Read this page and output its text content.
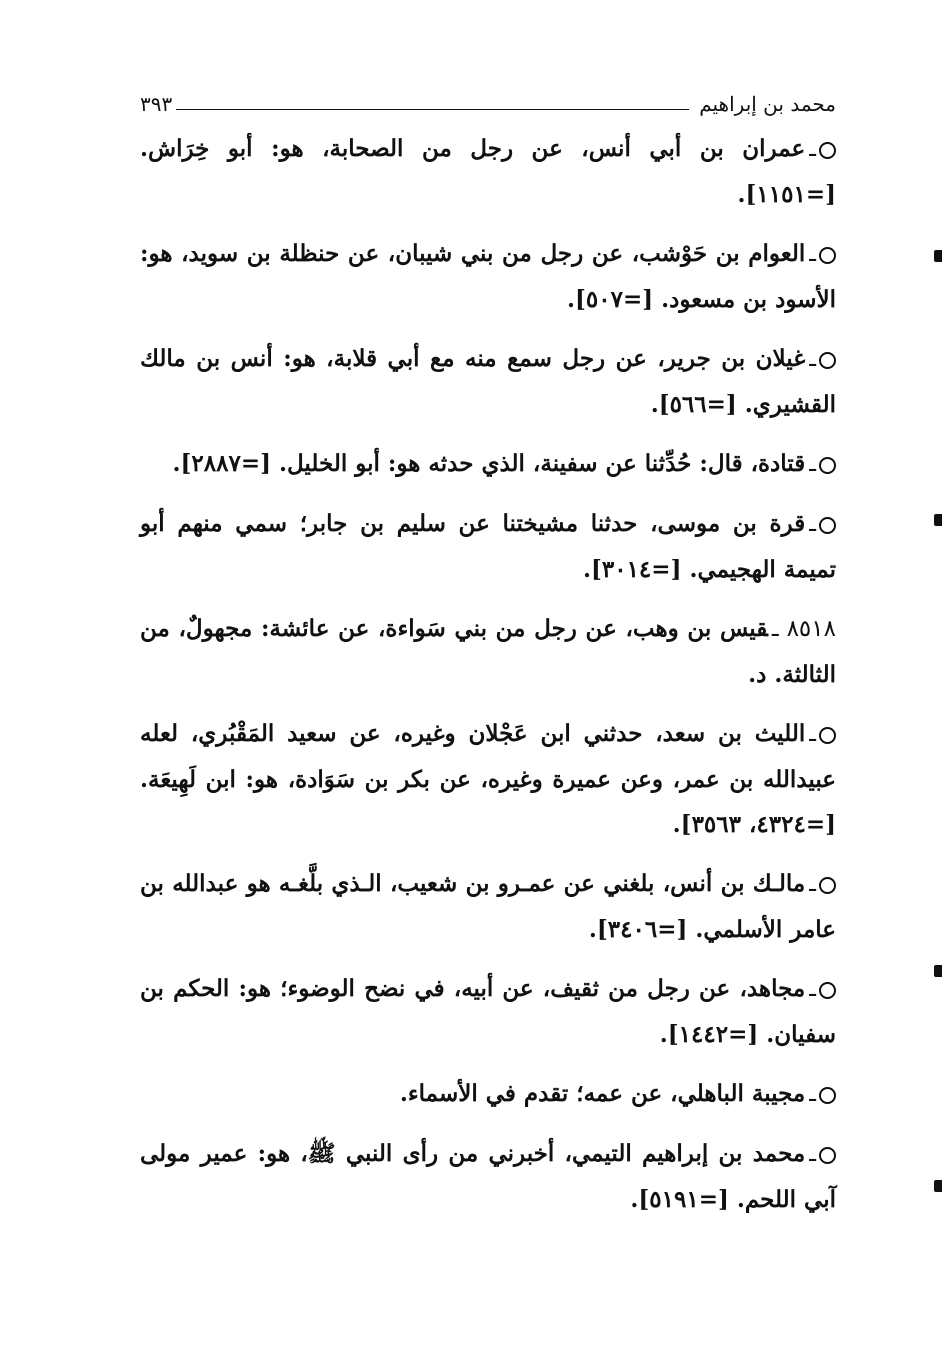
محمد بن إبراهيم
٣٩٣

ـعمران بن أبي أنس، عن رجل من الصحابة، هو: أبو خِرَاش. [=١١٥١].

ـالعوام بن حَوْشب، عن رجل من بني شيبان، عن حنظلة بن سويد، هو: الأسود بن مسعود. [=٥٠٧].

ـغيلان بن جرير، عن رجل سمع منه مع أبي قلابة، هو: أنس بن مالك القشيري. [=٥٦٦].

ـقتادة، قال: حُدِّثنا عن سفينة، الذي حدثه هو: أبو الخليل. [=٢٨٨٧].

ـقرة بن موسى، حدثنا مشيختنا عن سليم بن جابر؛ سمي منهم أبو تميمة الهجيمي. [=٣٠١٤].

٨٥١٨ ـقيس بن وهب، عن رجل من بني سَواءة، عن عائشة: مجهولٌ، من الثالثة. د.

ـالليث بن سعد، حدثني ابن عَجْلان وغيره، عن سعيد المَقْبُري، لعله عبيدالله بن عمر، وعن عميرة وغيره، عن بكر بن سَوَادة، هو: ابن لَهِيعَة. [=٤٣٢٤، ٣٥٦٣].

ـمالـك بن أنس، بلغني عن عمـرو بن شعيب، الـذي بلَّغـه هو عبدالله بن عامر الأسلمي. [=٣٤٠٦].

ـمجاهد، عن رجل من ثقيف، عن أبيه، في نضح الوضوء؛ هو: الحكم بن سفيان. [=١٤٤٢].

ـمجيبة الباهلي، عن عمه؛ تقدم في الأسماء.

ـمحمد بن إبراهيم التيمي، أخبرني من رأى النبي ﷺ، هو: عمير مولى آبي اللحم. [=٥١٩١].
